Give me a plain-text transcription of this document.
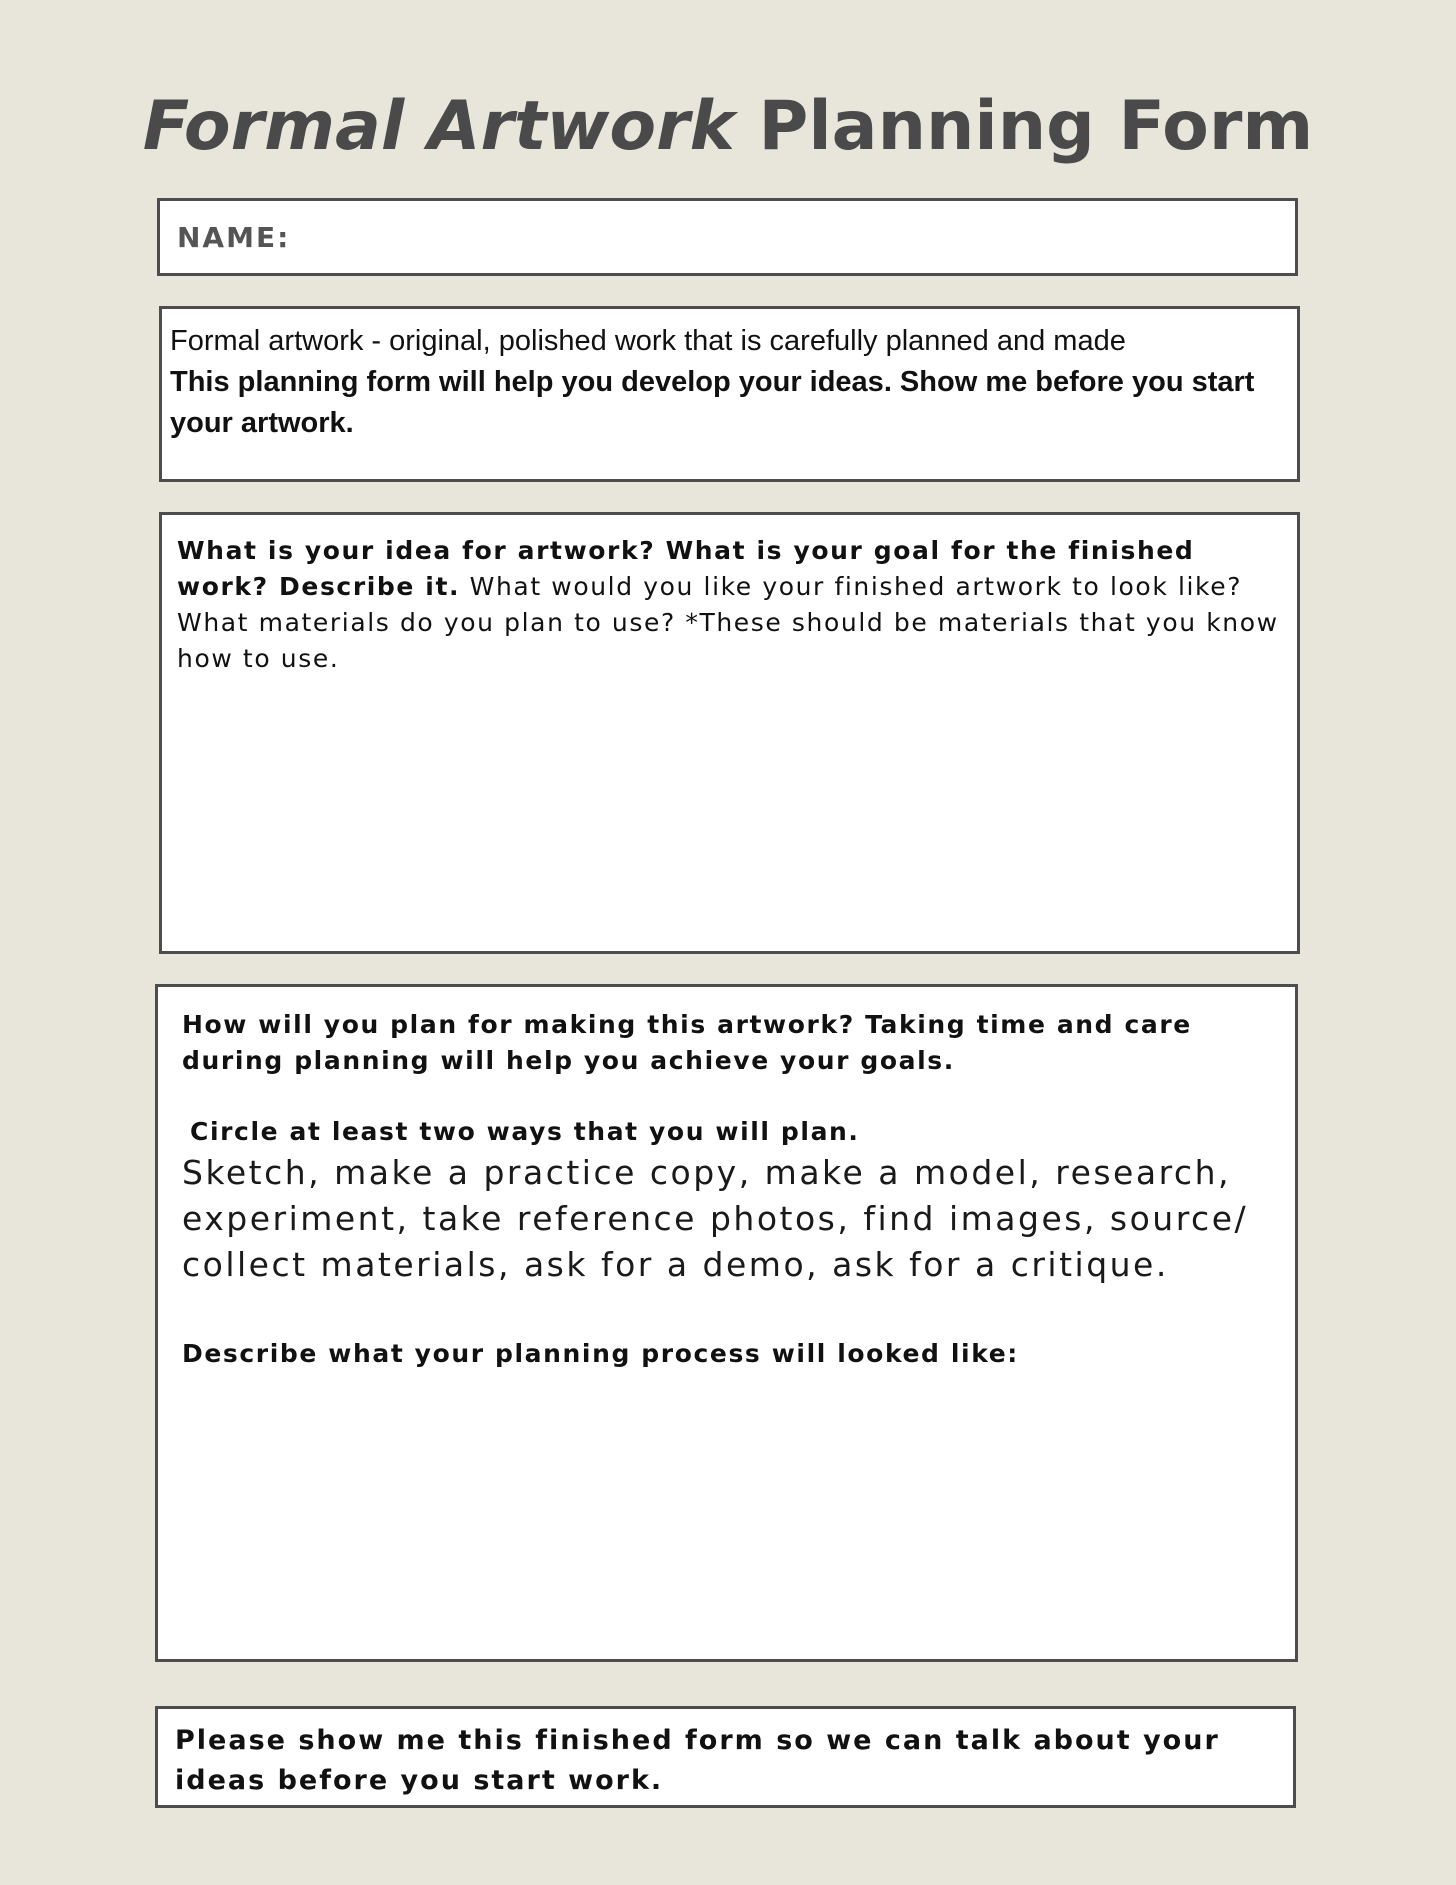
Formal Artwork Planning Form
NAME:
Formal artwork - original, polished work that is carefully planned and made
This planning form will help you develop your ideas. Show me before you start your artwork.
What is your idea for artwork? What is your goal for the finished work? Describe it. What would you like your finished artwork to look like? What materials do you plan to use? *These should be materials that you know how to use.
How will you plan for making this artwork? Taking time and care during planning will help you achieve your goals.
Circle at least two ways that you will plan.
Sketch, make a practice copy, make a model, research, experiment, take reference photos, find images, source/ collect materials, ask for a demo, ask for a critique.
Describe what your planning process will looked like:
Please show me this finished form so we can talk about your ideas before you start work.
